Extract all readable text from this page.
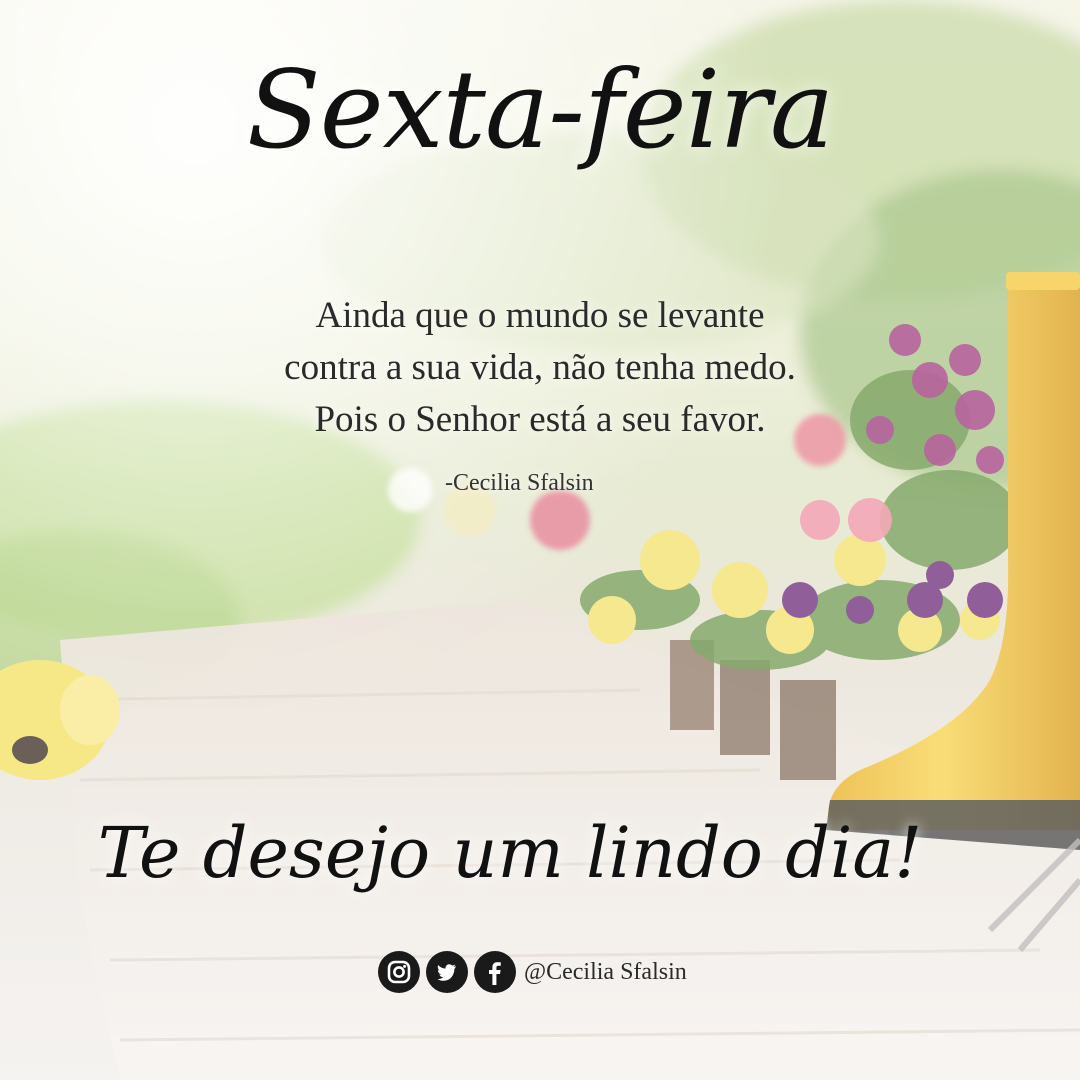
Sexta-feira
Ainda que o mundo se levante
contra a sua vida, não tenha medo.
Pois o Senhor está a seu favor.
-Cecilia Sfalsin
Te desejo um lindo dia!
@Cecilia Sfalsin
